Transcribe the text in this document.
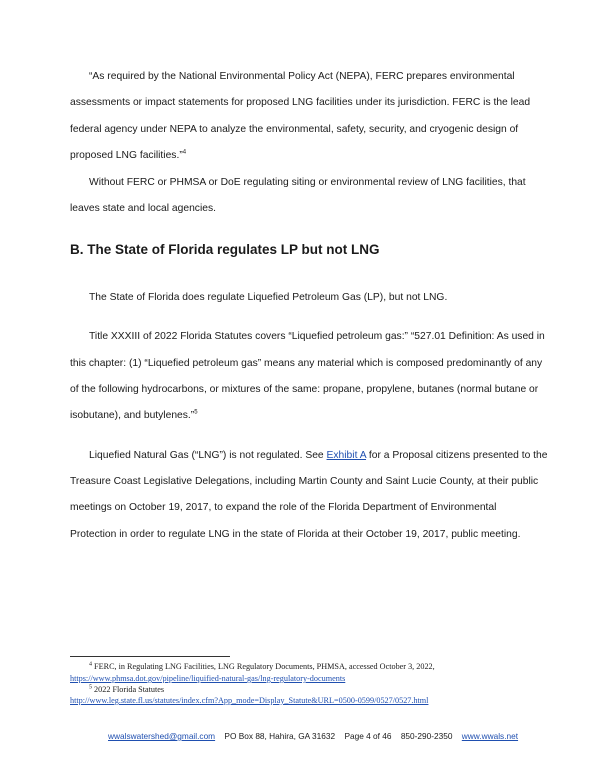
“As required by the National Environmental Policy Act (NEPA), FERC prepares environmental
assessments or impact statements for proposed LNG facilities under its jurisdiction. FERC is the lead
federal agency under NEPA to analyze the environmental, safety, security, and cryogenic design of
proposed LNG facilities.”$^4$
Without FERC or PHMSA or DoE regulating siting or environmental review of LNG facilities, that
leaves state and local agencies.
B. The State of Florida regulates LP but not LNG
The State of Florida does regulate Liquefied Petroleum Gas (LP), but not LNG.
Title XXXIII of 2022 Florida Statutes covers “Liquefied petroleum gas:” “527.01 Definition: As used in
this chapter: (1) “Liquefied petroleum gas” means any material which is composed predominantly of any
of the following hydrocarbons, or mixtures of the same: propane, propylene, butanes (normal butane or
isobutane), and butylenes.”$^5$
Liquefied Natural Gas (“LNG”) is not regulated. See Exhibit A for a Proposal citizens presented to the
Treasure Coast Legislative Delegations, including Martin County and Saint Lucie County, at their public
meetings on October 19, 2017, to expand the role of the Florida Department of Environmental
Protection in order to regulate LNG in the state of Florida at their October 19, 2017, public meeting.
$^4$ FERC, in Regulating LNG Facilities, LNG Regulatory Documents, PHMSA, accessed October 3, 2022,
https://www.phmsa.dot.gov/pipeline/liquified-natural-gas/lng-regulatory-documents
$^5$ 2022 Florida Statutes
http://www.leg.state.fl.us/statutes/index.cfm?App_mode=Display_Statute&URL=0500-0599/0527/0527.html
wwalswatershed@gmail.com PO Box 88, Hahira, GA 31632 Page 4 of 46 850-290-2350 www.wwals.net
